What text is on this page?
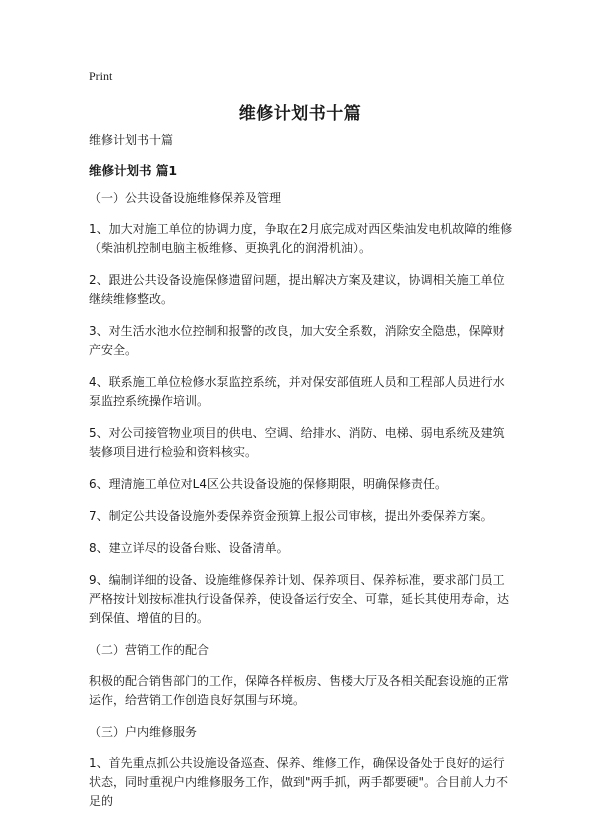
Print
维修计划书十篇

维修计划书十篇

维修计划书 篇1

（一）公共设备设施维修保养及管理

1、加大对施工单位的协调力度，争取在2月底完成对西区柴油发电机故障的维修（柴油机控制电脑主板维修、更换乳化的润滑机油）。

2、跟进公共设备设施保修遗留问题，提出解决方案及建议，协调相关施工单位继续维修整改。

3、对生活水池水位控制和报警的改良，加大安全系数，消除安全隐患，保障财产安全。

4、联系施工单位检修水泵监控系统，并对保安部值班人员和工程部人员进行水泵监控系统操作培训。

5、对公司接管物业项目的供电、空调、给排水、消防、电梯、弱电系统及建筑装修项目进行检验和资料核实。

6、理清施工单位对L4区公共设备设施的保修期限，明确保修责任。

7、制定公共设备设施外委保养资金预算上报公司审核，提出外委保养方案。

8、建立详尽的设备台账、设备清单。

9、编制详细的设备、设施维修保养计划、保养项目、保养标准，要求部门员工严格按计划按标准执行设备保养，使设备运行安全、可靠，延长其使用寿命，达到保值、增值的目的。

（二）营销工作的配合

积极的配合销售部门的工作，保障各样板房、售楼大厅及各相关配套设施的正常运作，给营销工作创造良好氛围与环境。

（三）户内维修服务

1、首先重点抓公共设施设备巡查、保养、维修工作，确保设备处于良好的运行状态，同时重视户内维修服务工作，做到"两手抓，两手都要硬"。合目前人力不足的
